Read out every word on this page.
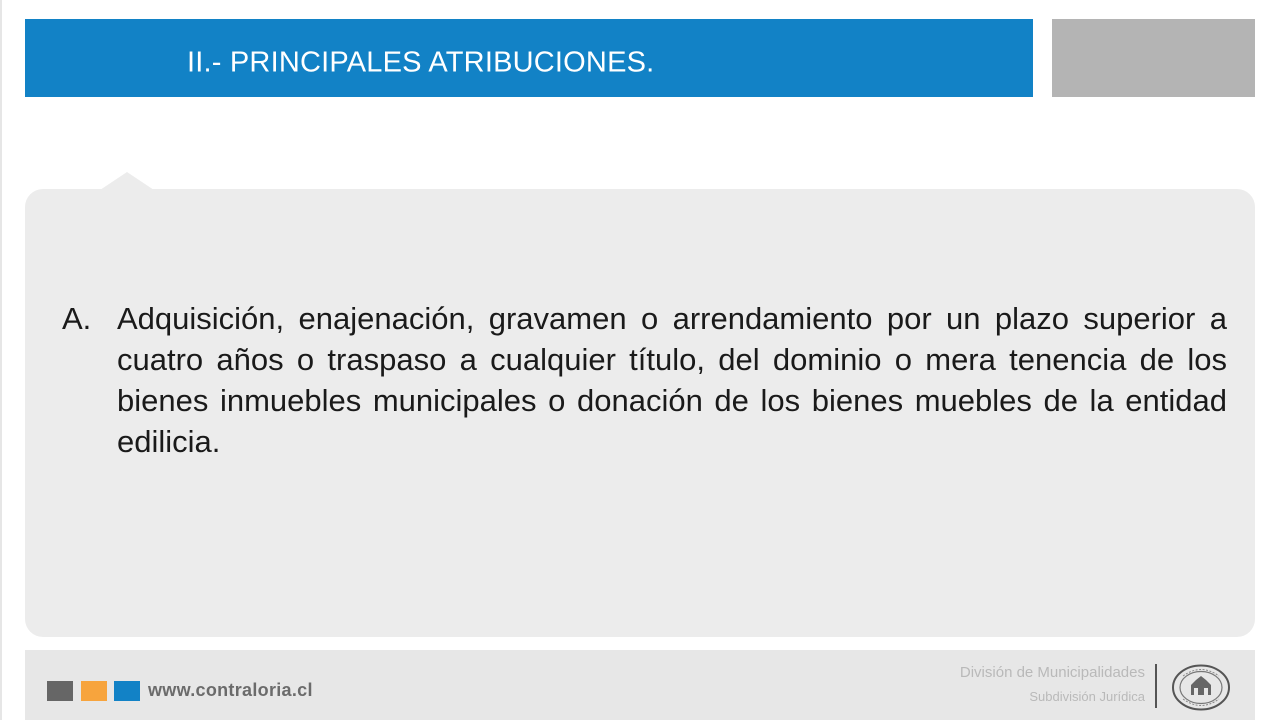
II.- PRINCIPALES ATRIBUCIONES.
A. Adquisición, enajenación, gravamen o arrendamiento por un plazo superior a cuatro años o traspaso a cualquier título, del dominio o mera tenencia de los bienes inmuebles municipales o donación de los bienes muebles de la entidad edilicia.
www.contraloria.cl
División de Municipalidades
Subdivisión Jurídica
